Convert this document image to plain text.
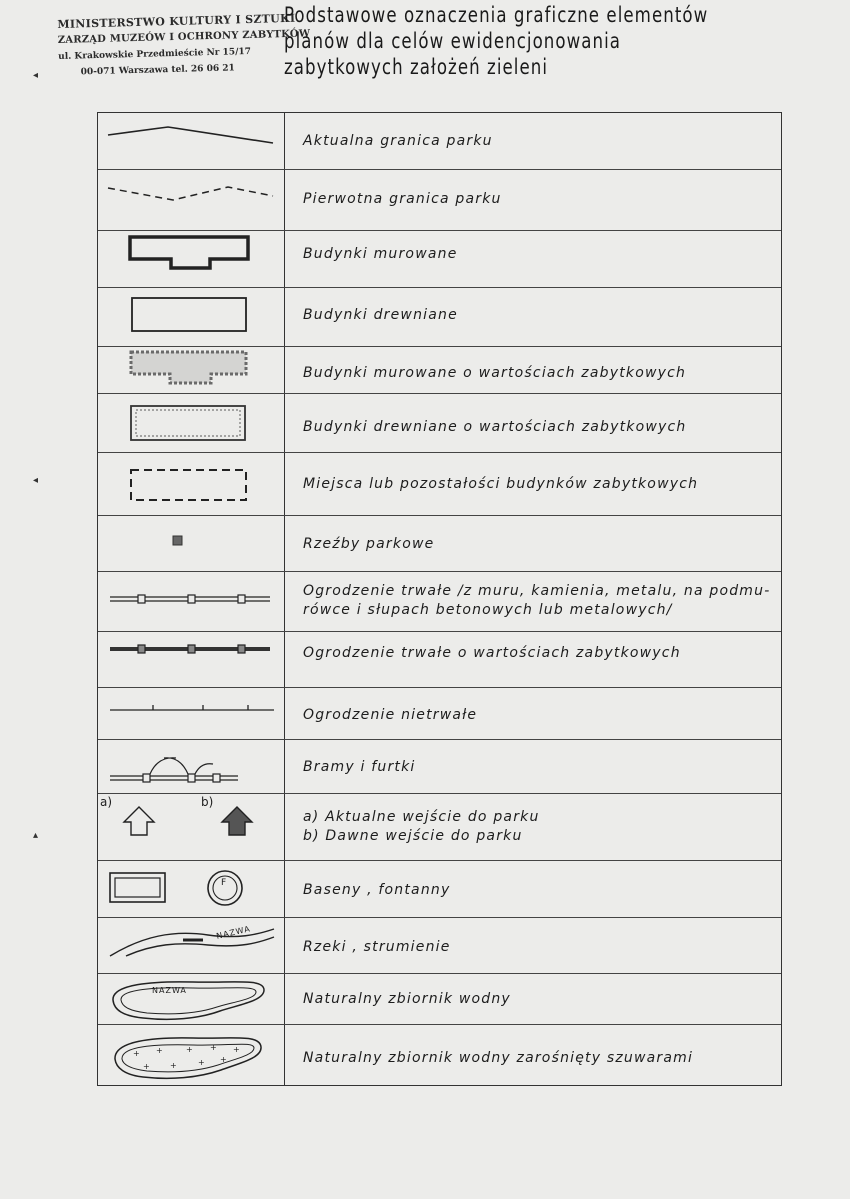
MINISTERSTWO KULTURY I SZTUKI
ZARZĄD MUZEÓW I OCHRONY ZABYTKÓW
ul. Krakowskie Przedmieście Nr 15/17
00-071 Warszawa tel. 26 06 21
Podstawowe oznaczenia graficzne elementów
planów dla celów ewidencjonowania
zabytkowych założeń zieleni
Aktualna granica parku
Pierwotna granica parku
Budynki murowane
Budynki drewniane
Budynki murowane o wartościach zabytkowych
Budynki drewniane o wartościach zabytkowych
Miejsca lub pozostałości budynków zabytkowych
Rzeźby parkowe
Ogrodzenie trwałe /z muru, kamienia, metalu, na podmu-
rówce i słupach betonowych lub metalowych/
Ogrodzenie trwałe o wartościach zabytkowych
Ogrodzenie nietrwałe
Bramy i furtki
a)	b)
a) Aktualne wejście do parku
b) Dawne wejście do parku
F	Baseny , fontanny
NAZWA
Rzeki , strumienie
NAZWA
Naturalny zbiornik wodny
+ +	+ + +
+	+	+ +	Naturalny zbiornik wodny zarośnięty szuwarami
◂
◂
▴
